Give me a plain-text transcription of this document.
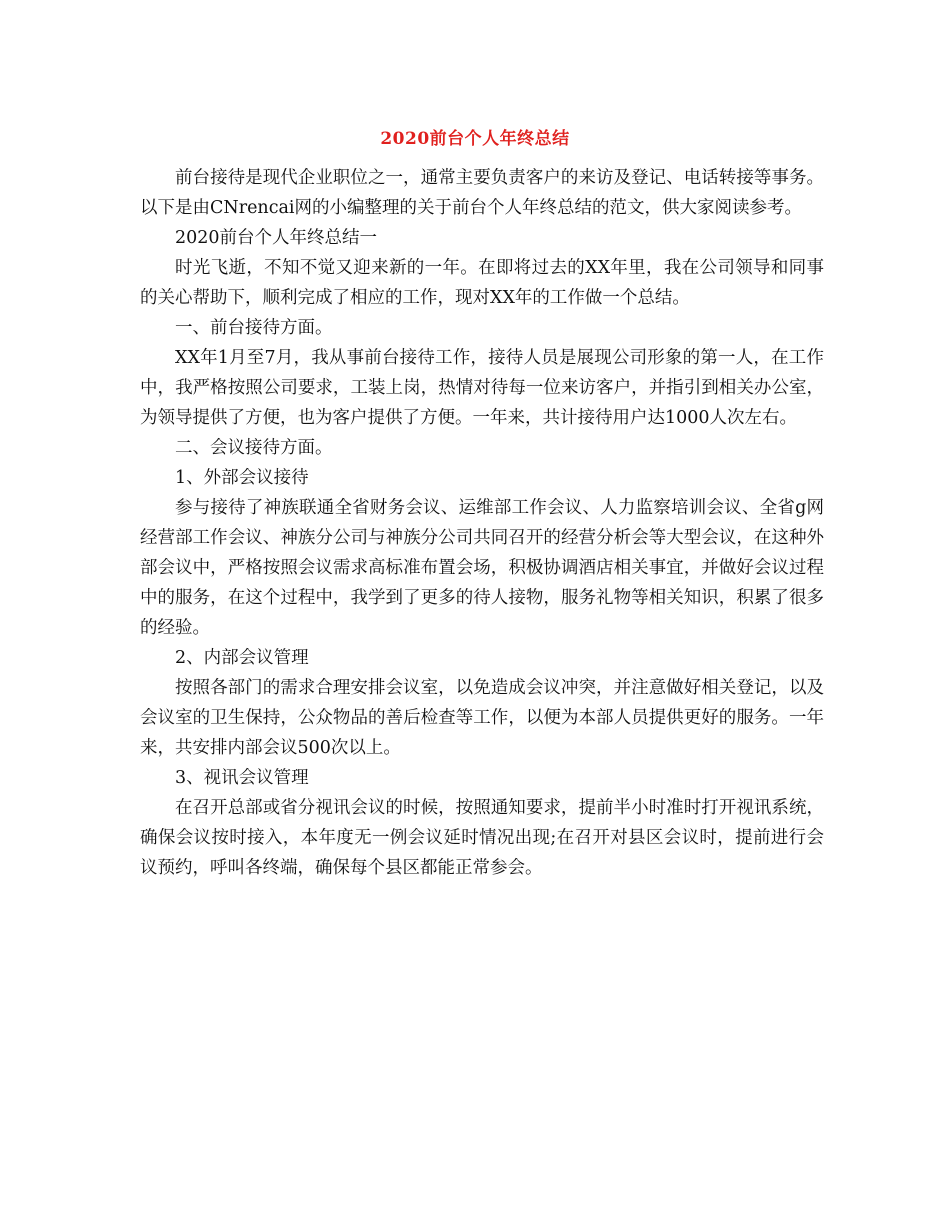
2020前台个人年终总结

前台接待是现代企业职位之一，通常主要负责客户的来访及登记、电话转接等事务。以下是由CNrencai网的小编整理的关于前台个人年终总结的范文，供大家阅读参考。

2020前台个人年终总结一

时光飞逝，不知不觉又迎来新的一年。在即将过去的XX年里，我在公司领导和同事的关心帮助下，顺利完成了相应的工作，现对XX年的工作做一个总结。

一、前台接待方面。

XX年1月至7月，我从事前台接待工作，接待人员是展现公司形象的第一人，在工作中，我严格按照公司要求，工装上岗，热情对待每一位来访客户，并指引到相关办公室，为领导提供了方便，也为客户提供了方便。一年来，共计接待用户达1000人次左右。

二、会议接待方面。

1、外部会议接待

参与接待了神族联通全省财务会议、运维部工作会议、人力监察培训会议、全省g网经营部工作会议、神族分公司与神族分公司共同召开的经营分析会等大型会议，在这种外部会议中，严格按照会议需求高标准布置会场，积极协调酒店相关事宜，并做好会议过程中的服务，在这个过程中，我学到了更多的待人接物，服务礼物等相关知识，积累了很多的经验。

2、内部会议管理

按照各部门的需求合理安排会议室，以免造成会议冲突，并注意做好相关登记，以及会议室的卫生保持，公众物品的善后检查等工作，以便为本部人员提供更好的服务。一年来，共安排内部会议500次以上。

3、视讯会议管理

在召开总部或省分视讯会议的时候，按照通知要求，提前半小时准时打开视讯系统，确保会议按时接入，本年度无一例会议延时情况出现;在召开对县区会议时，提前进行会议预约，呼叫各终端，确保每个县区都能正常参会。
